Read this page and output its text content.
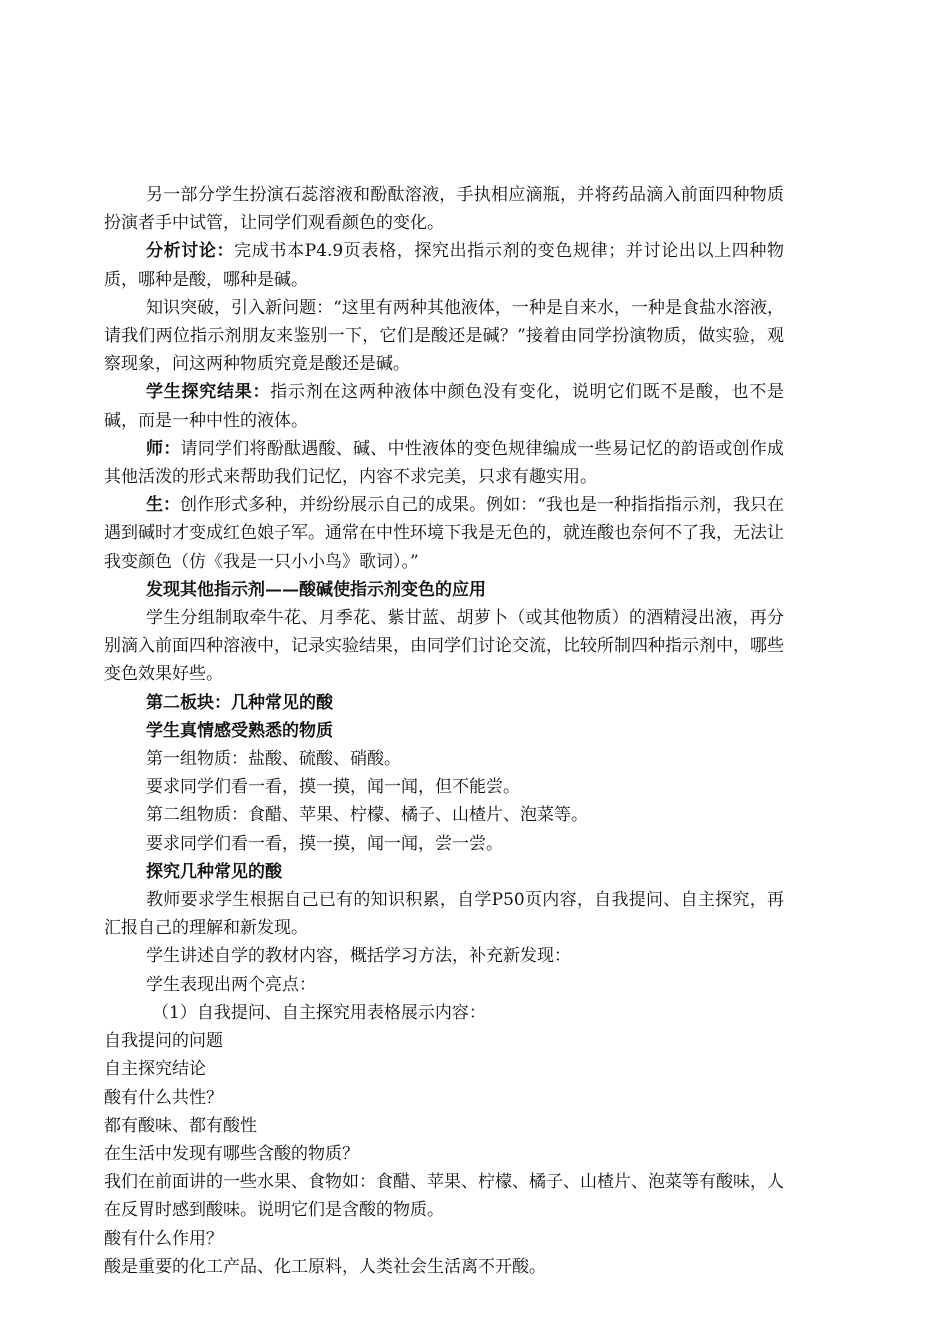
另一部分学生扮演石蕊溶液和酚酞溶液，手执相应滴瓶，并将药品滴入前面四种物质扮演者手中试管，让同学们观看颜色的变化。

分析讨论：完成书本P4.9页表格，探究出指示剂的变色规律；并讨论出以上四种物质，哪种是酸，哪种是碱。

知识突破，引入新问题：“这里有两种其他液体，一种是自来水，一种是食盐水溶液，请我们两位指示剂朋友来鉴别一下，它们是酸还是碱？”接着由同学扮演物质，做实验，观察现象，问这两种物质究竟是酸还是碱。

学生探究结果：指示剂在这两种液体中颜色没有变化，说明它们既不是酸，也不是碱，而是一种中性的液体。

师：请同学们将酚酞遇酸、碱、中性液体的变色规律编成一些易记忆的韵语或创作成其他活泼的形式来帮助我们记忆，内容不求完美，只求有趣实用。

生：创作形式多种，并纷纷展示自己的成果。例如：“我也是一种指指指示剂，我只在遇到碱时才变成红色娘子军。通常在中性环境下我是无色的，就连酸也奈何不了我，无法让我变颜色（仿《我是一只小小鸟》歌词）。”

发现其他指示剂——酸碱使指示剂变色的应用

学生分组制取牵牛花、月季花、紫甘蓝、胡萝卜（或其他物质）的酒精浸出液，再分别滴入前面四种溶液中，记录实验结果，由同学们讨论交流，比较所制四种指示剂中，哪些变色效果好些。

第二板块：几种常见的酸

学生真情感受熟悉的物质

第一组物质：盐酸、硫酸、硝酸。

要求同学们看一看，摸一摸，闻一闻，但不能尝。

第二组物质：食醋、苹果、柠檬、橘子、山楂片、泡菜等。

要求同学们看一看，摸一摸，闻一闻，尝一尝。

探究几种常见的酸

教师要求学生根据自己已有的知识积累，自学P50页内容，自我提问、自主探究，再汇报自己的理解和新发现。

学生讲述自学的教材内容，概括学习方法，补充新发现：

学生表现出两个亮点：

（1）自我提问、自主探究用表格展示内容：

自我提问的问题

自主探究结论

酸有什么共性？

都有酸味、都有酸性

在生活中发现有哪些含酸的物质？

我们在前面讲的一些水果、食物如：食醋、苹果、柠檬、橘子、山楂片、泡菜等有酸味，人在反胃时感到酸味。说明它们是含酸的物质。

酸有什么作用？

酸是重要的化工产品、化工原料，人类社会生活离不开酸。
